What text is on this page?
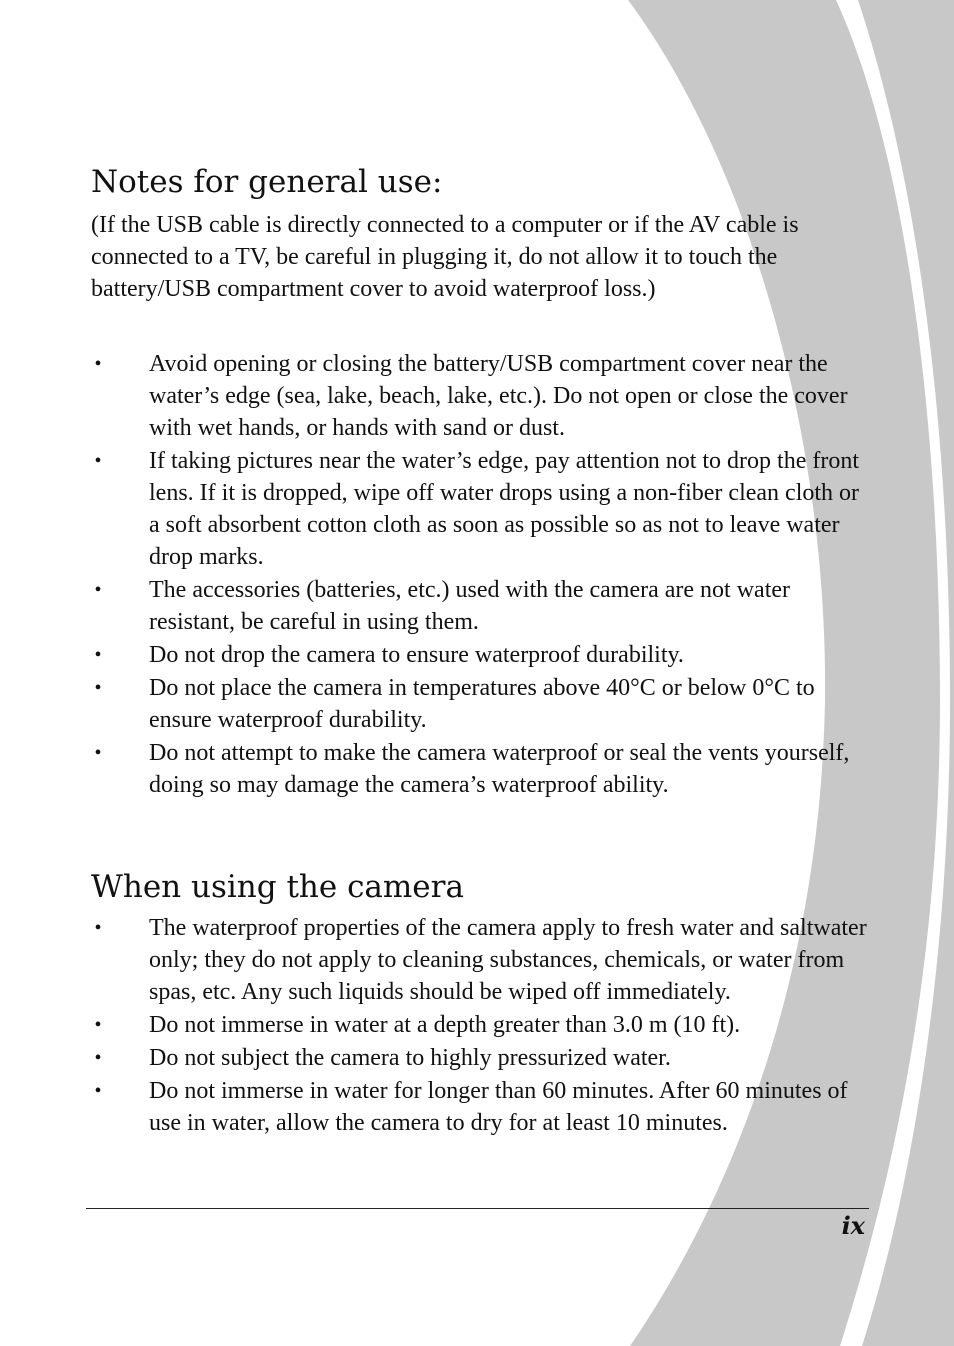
Notes for general use:

(If the USB cable is directly connected to a computer or if the AV cable is connected to a TV, be careful in plugging it, do not allow it to touch the battery/USB compartment cover to avoid waterproof loss.)

• Avoid opening or closing the battery/USB compartment cover near the water’s edge (sea, lake, beach, lake, etc.). Do not open or close the cover with wet hands, or hands with sand or dust.
• If taking pictures near the water’s edge, pay attention not to drop the front lens. If it is dropped, wipe off water drops using a non-fiber clean cloth or a soft absorbent cotton cloth as soon as possible so as not to leave water drop marks.
• The accessories (batteries, etc.) used with the camera are not water resistant, be careful in using them.
• Do not drop the camera to ensure waterproof durability.
• Do not place the camera in temperatures above 40°C or below 0°C to ensure waterproof durability.
• Do not attempt to make the camera waterproof or seal the vents yourself, doing so may damage the camera’s waterproof ability.
When using the camera
• The waterproof properties of the camera apply to fresh water and saltwater only; they do not apply to cleaning substances, chemicals, or water from spas, etc. Any such liquids should be wiped off immediately.
• Do not immerse in water at a depth greater than 3.0 m (10 ft).
• Do not subject the camera to highly pressurized water.
• Do not immerse in water for longer than 60 minutes. After 60 minutes of use in water, allow the camera to dry for at least 10 minutes.
ix
